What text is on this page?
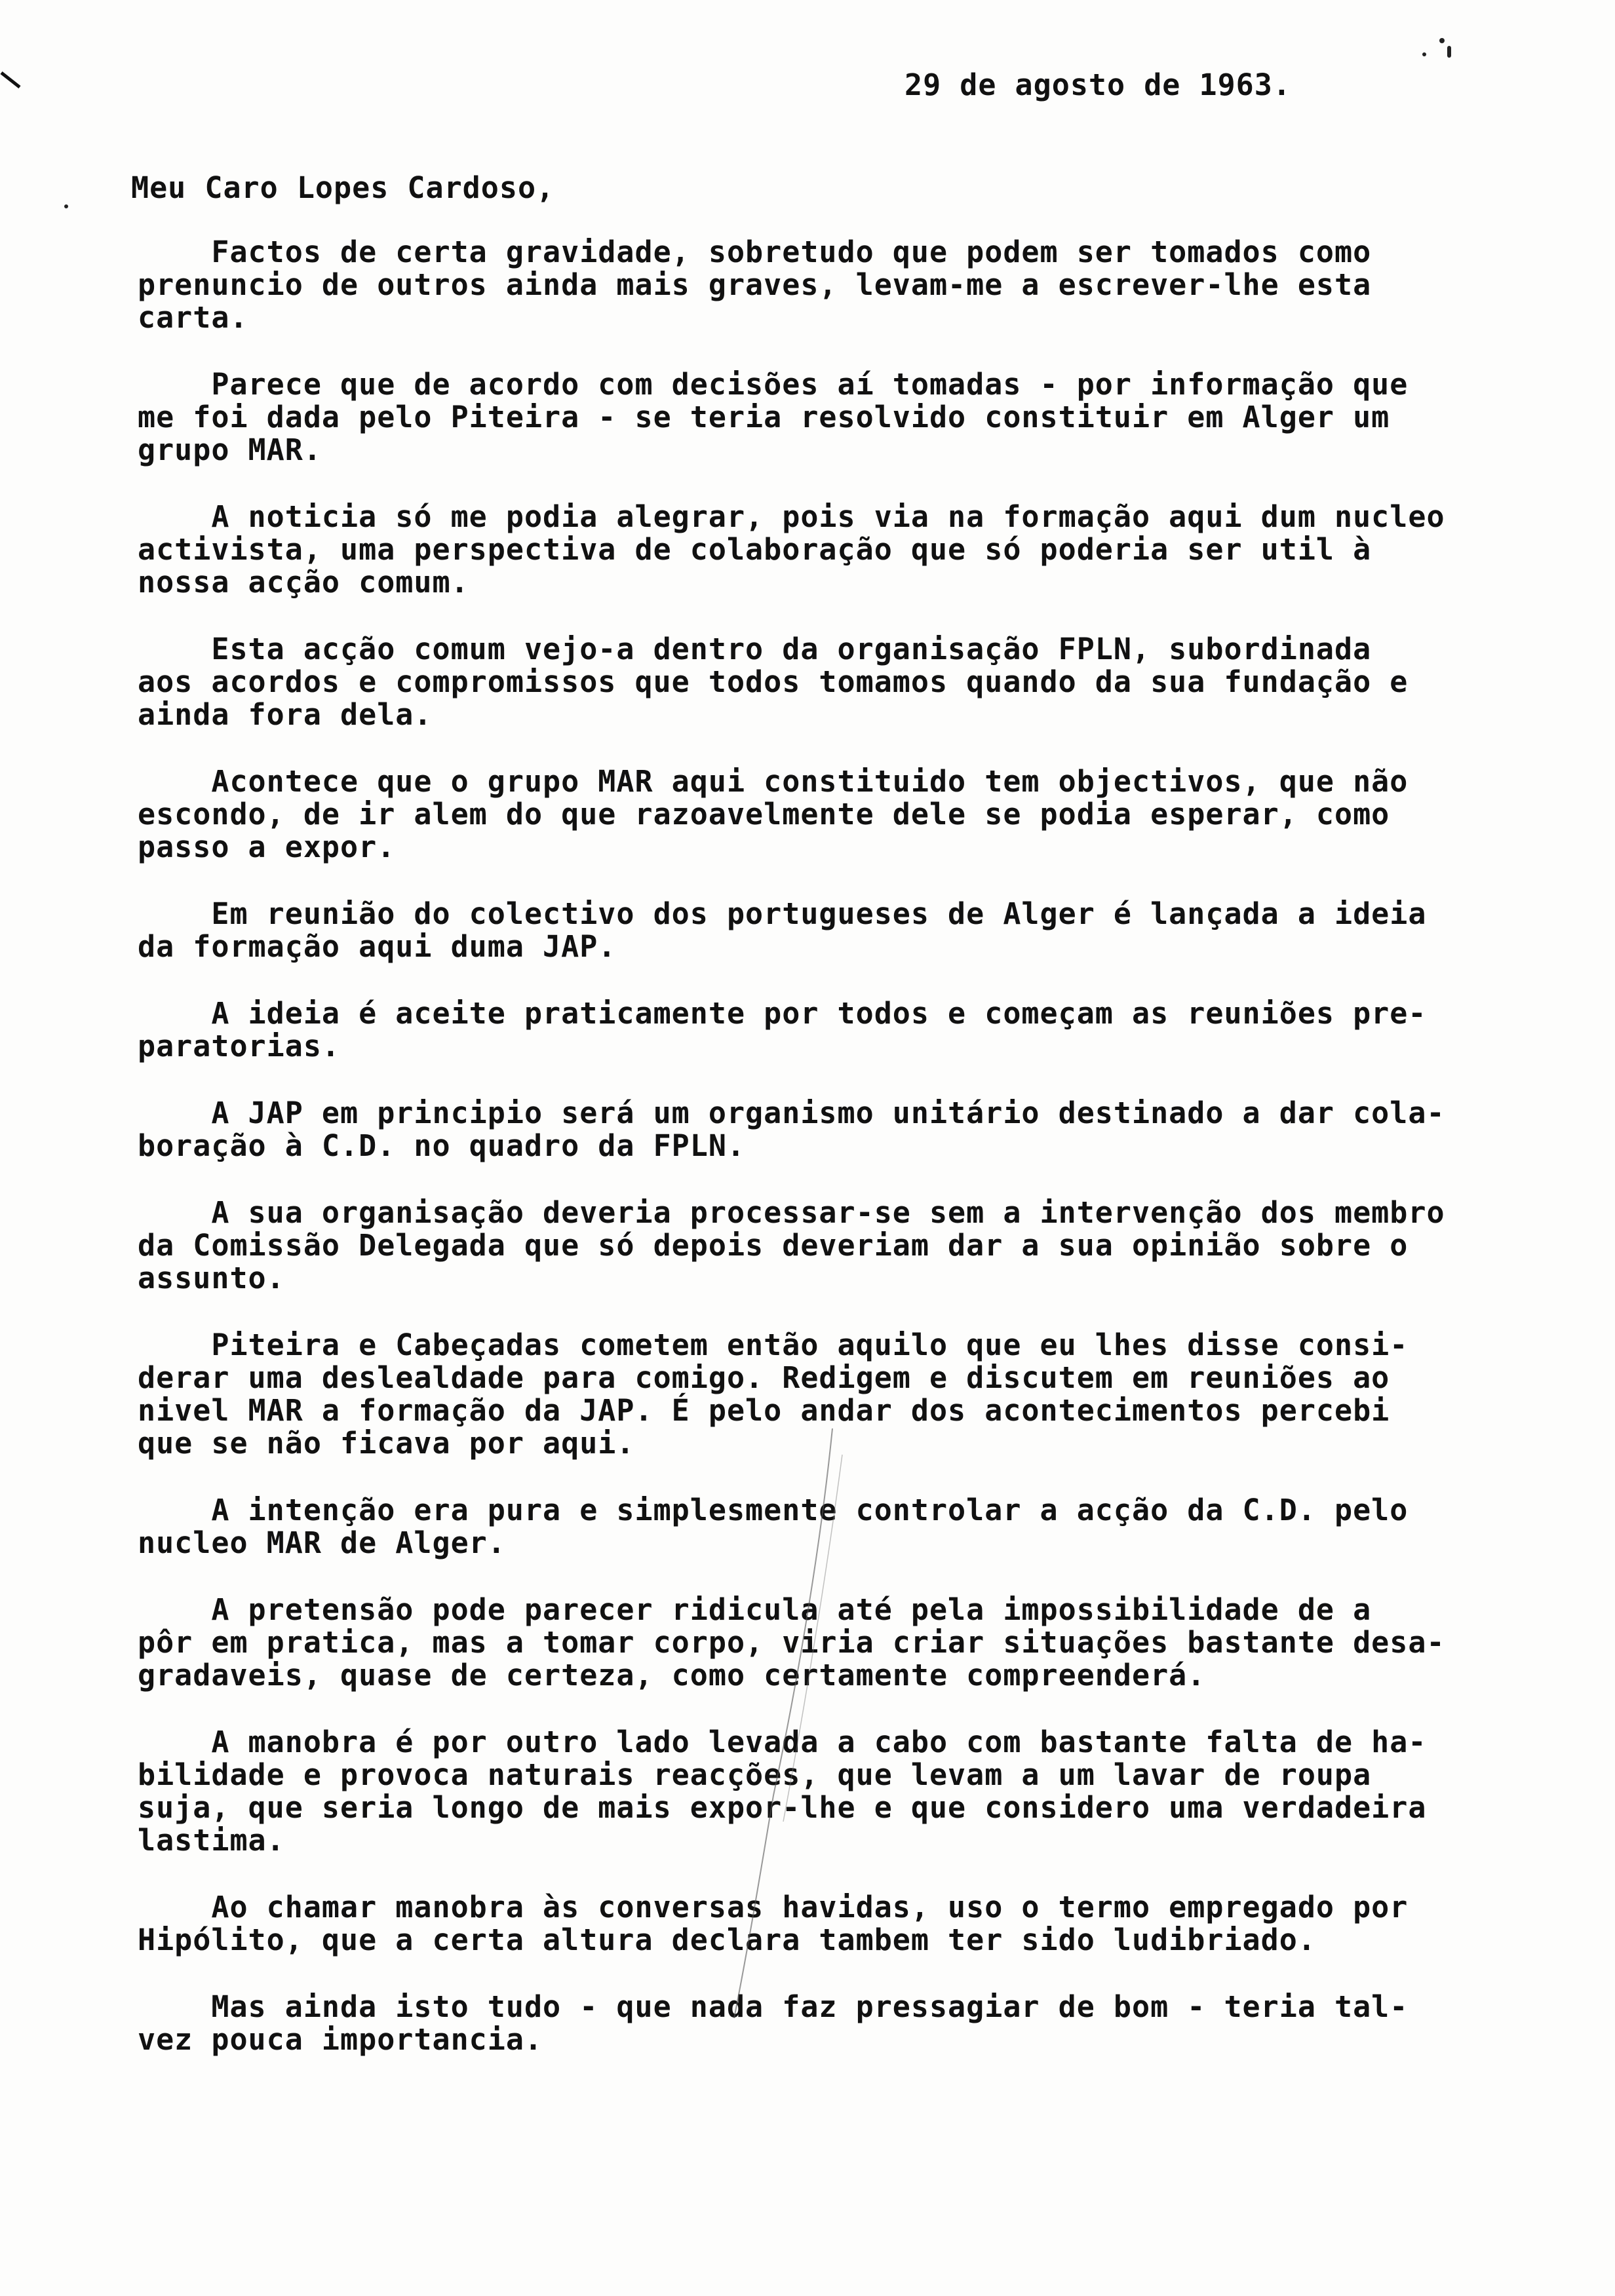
29 de agosto de 1963.

Meu Caro Lopes Cardoso,

Factos de certa gravidade, sobretudo que podem ser tomados como
prenuncio de outros ainda mais graves, levam-me a escrever-lhe esta
carta.

Parece que de acordo com decisões aí tomadas - por informação que
me foi dada pelo Piteira - se teria resolvido constituir em Alger um
grupo MAR.

A noticia só me podia alegrar, pois via na formação aqui dum nucleo
activista, uma perspectiva de colaboração que só poderia ser util à
nossa acção comum.

Esta acção comum vejo-a dentro da organisação FPLN, subordinada
aos acordos e compromissos que todos tomamos quando da sua fundação e
ainda fora dela.

Acontece que o grupo MAR aqui constituido tem objectivos, que não
escondo, de ir alem do que razoavelmente dele se podia esperar, como
passo a expor.

Em reunião do colectivo dos portugueses de Alger é lançada a ideia
da formação aqui duma JAP.

A ideia é aceite praticamente por todos e começam as reuniões pre-
paratorias.

A JAP em principio será um organismo unitário destinado a dar cola-
boração à C.D. no quadro da FPLN.

A sua organisação deveria processar-se sem a intervenção dos membro
da Comissão Delegada que só depois deveriam dar a sua opinião sobre o
assunto.

Piteira e Cabeçadas cometem então aquilo que eu lhes disse consi-
derar uma deslealdade para comigo. Redigem e discutem em reuniões ao
nivel MAR a formação da JAP. É pelo andar dos acontecimentos percebi
que se não ficava por aqui.

A intenção era pura e simplesmente controlar a acção da C.D. pelo
nucleo MAR de Alger.

A pretensão pode parecer ridicula até pela impossibilidade de a
pôr em pratica, mas a tomar corpo, viria criar situações bastante desa-
gradaveis, quase de certeza, como certamente compreenderá.

A manobra é por outro lado levada a cabo com bastante falta de ha-
bilidade e provoca naturais reacções, que levam a um lavar de roupa
suja, que seria longo de mais expor-lhe e que considero uma verdadeira
lastima.

Ao chamar manobra às conversas havidas, uso o termo empregado por
Hipólito, que a certa altura declara tambem ter sido ludibriado.

Mas ainda isto tudo - que nada faz pressagiar de bom - teria tal-
vez pouca importancia.
